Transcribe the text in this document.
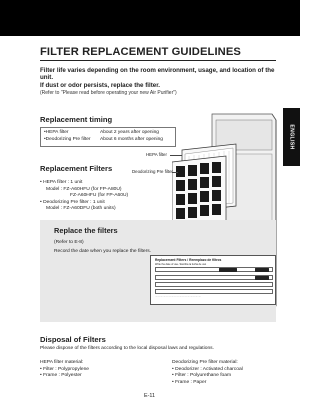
ENGLISH
FILTER REPLACEMENT GUIDELINES
Filter life varies depending on the room environment, usage, and location of the unit.
If dust or odor persists, replace the filter.
(Refer to "Please read before operating your new Air Purifier")
Replacement timing
•HEPA filter	About 2 years after opening
•Deodorizing Pre filter	About 6 months after opening
HEPA filter
Deodorizing Pre filter
Replacement Filters
• HEPA filter : 1 unit
Model : FZ-A60HFU (for FP-A80U)
FZ-A60HFU (for FP-A60U)
• Deodorizing Pre filter : 1 unit
Model : FZ-A60DFU (both units)
Replace the filters
(Refer to E-8)
Record the date when you replace the filters.
Replacement Filters / Reemplazo de filtros
Write the date of use / Escriba la fecha de uso
·······························································
Disposal of Filters
Please dispose of the filters according to the local disposal laws and regulations.
HEPA filter material:
• Filter : Polypropylene
• Frame : Polyester
Deodorizing Pre filter material:
• Deodorizer : Activated charcoal
• Filter : Polyurethane foam
• Frame : Paper
E-11
